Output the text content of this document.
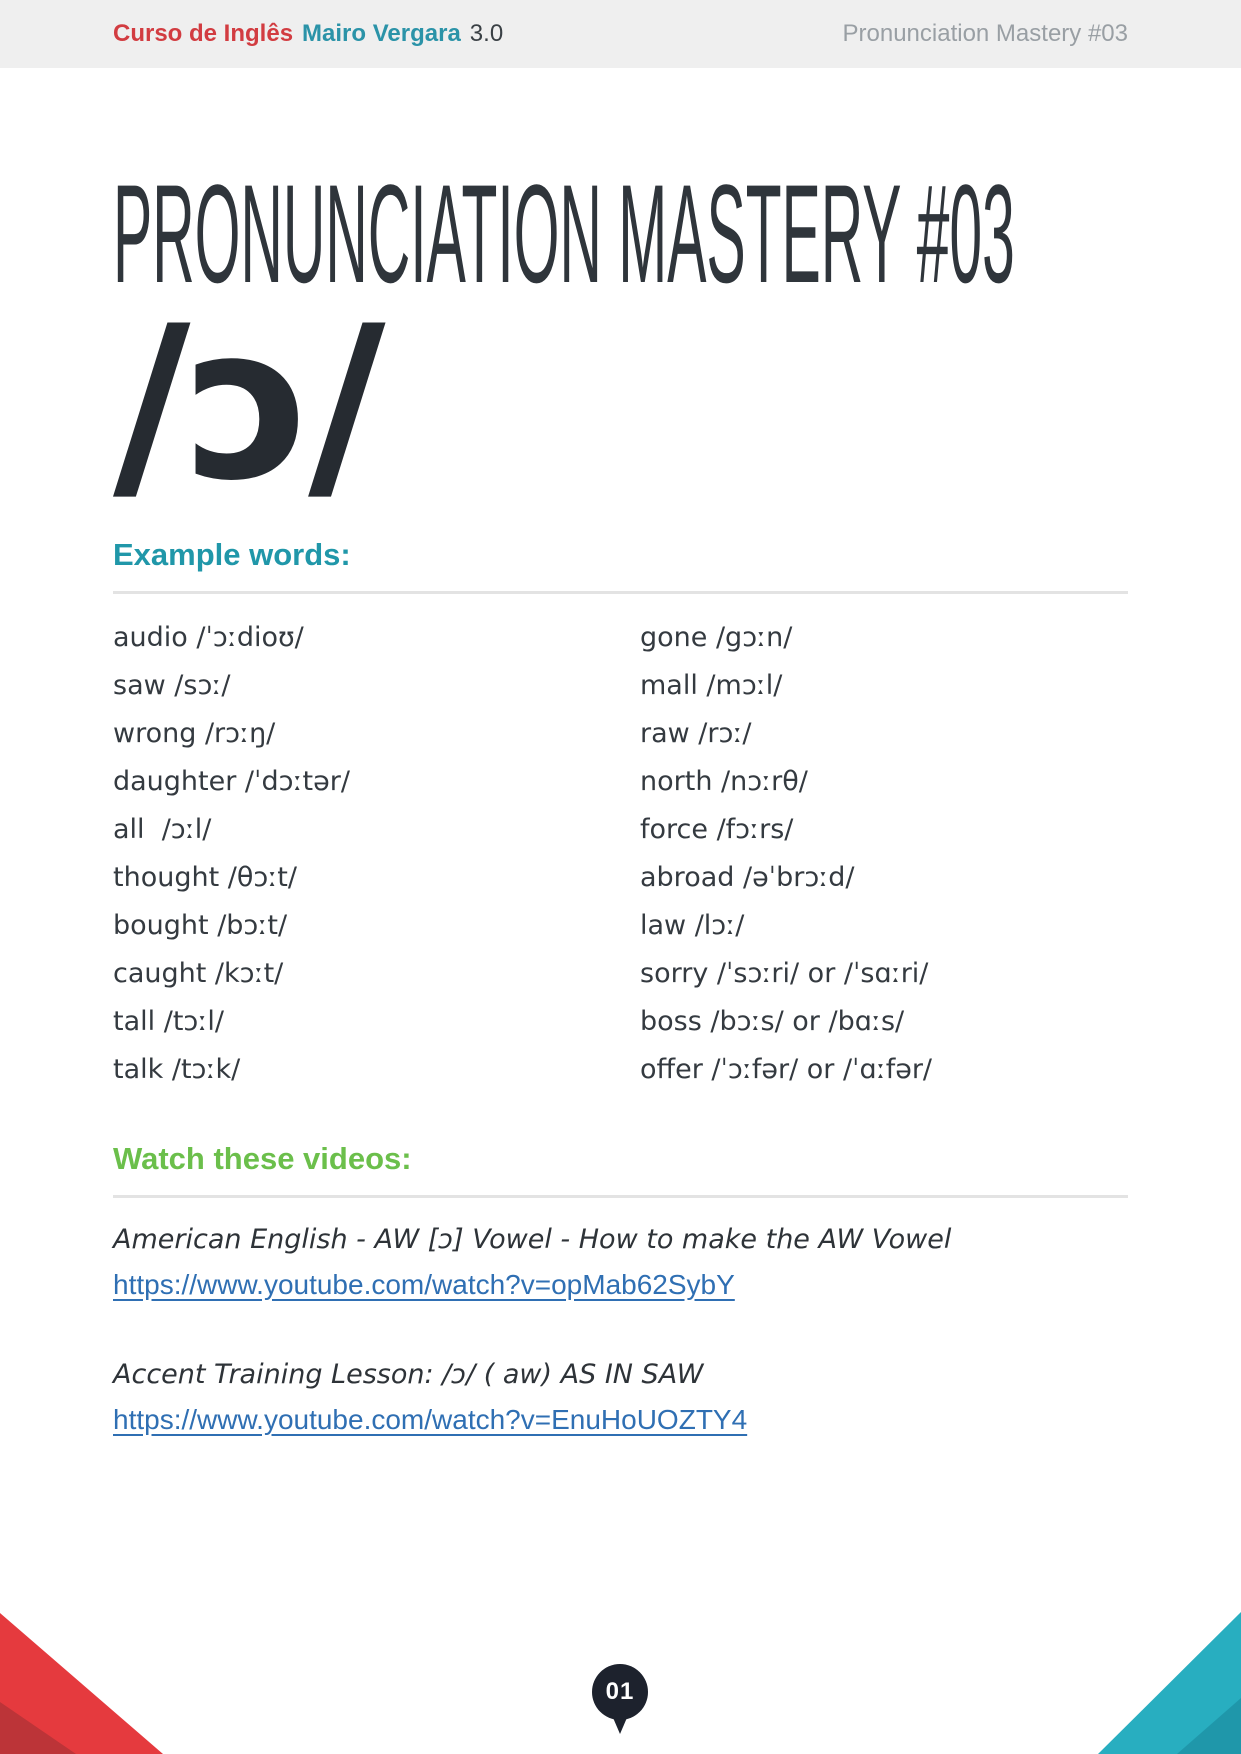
Curso de Inglês Mairo Vergara 3.0	Pronunciation Mastery #03
PRONUNCIATION MASTERY #03
/ɔ/
Example words:
audio /ˈɔːdioʊ/
saw /sɔː/
wrong /rɔːŋ/
daughter /ˈdɔːtər/
all  /ɔːl/
thought /θɔːt/
bought /bɔːt/
caught /kɔːt/
tall /tɔːl/
talk /tɔːk/
gone /gɔːn/
mall /mɔːl/
raw /rɔː/
north /nɔːrθ/
force /fɔːrs/
abroad /əˈbrɔːd/
law /lɔː/
sorry /ˈsɔːri/ or /ˈsɑːri/
boss /bɔːs/ or /bɑːs/
offer /ˈɔːfər/ or /ˈɑːfər/
Watch these videos:
American English - AW [ɔ] Vowel - How to make the AW Vowel
https://www.youtube.com/watch?v=opMab62SybY
Accent Training Lesson: /ɔ/ ( aw) AS IN SAW
https://www.youtube.com/watch?v=EnuHoUOZTY4
01
